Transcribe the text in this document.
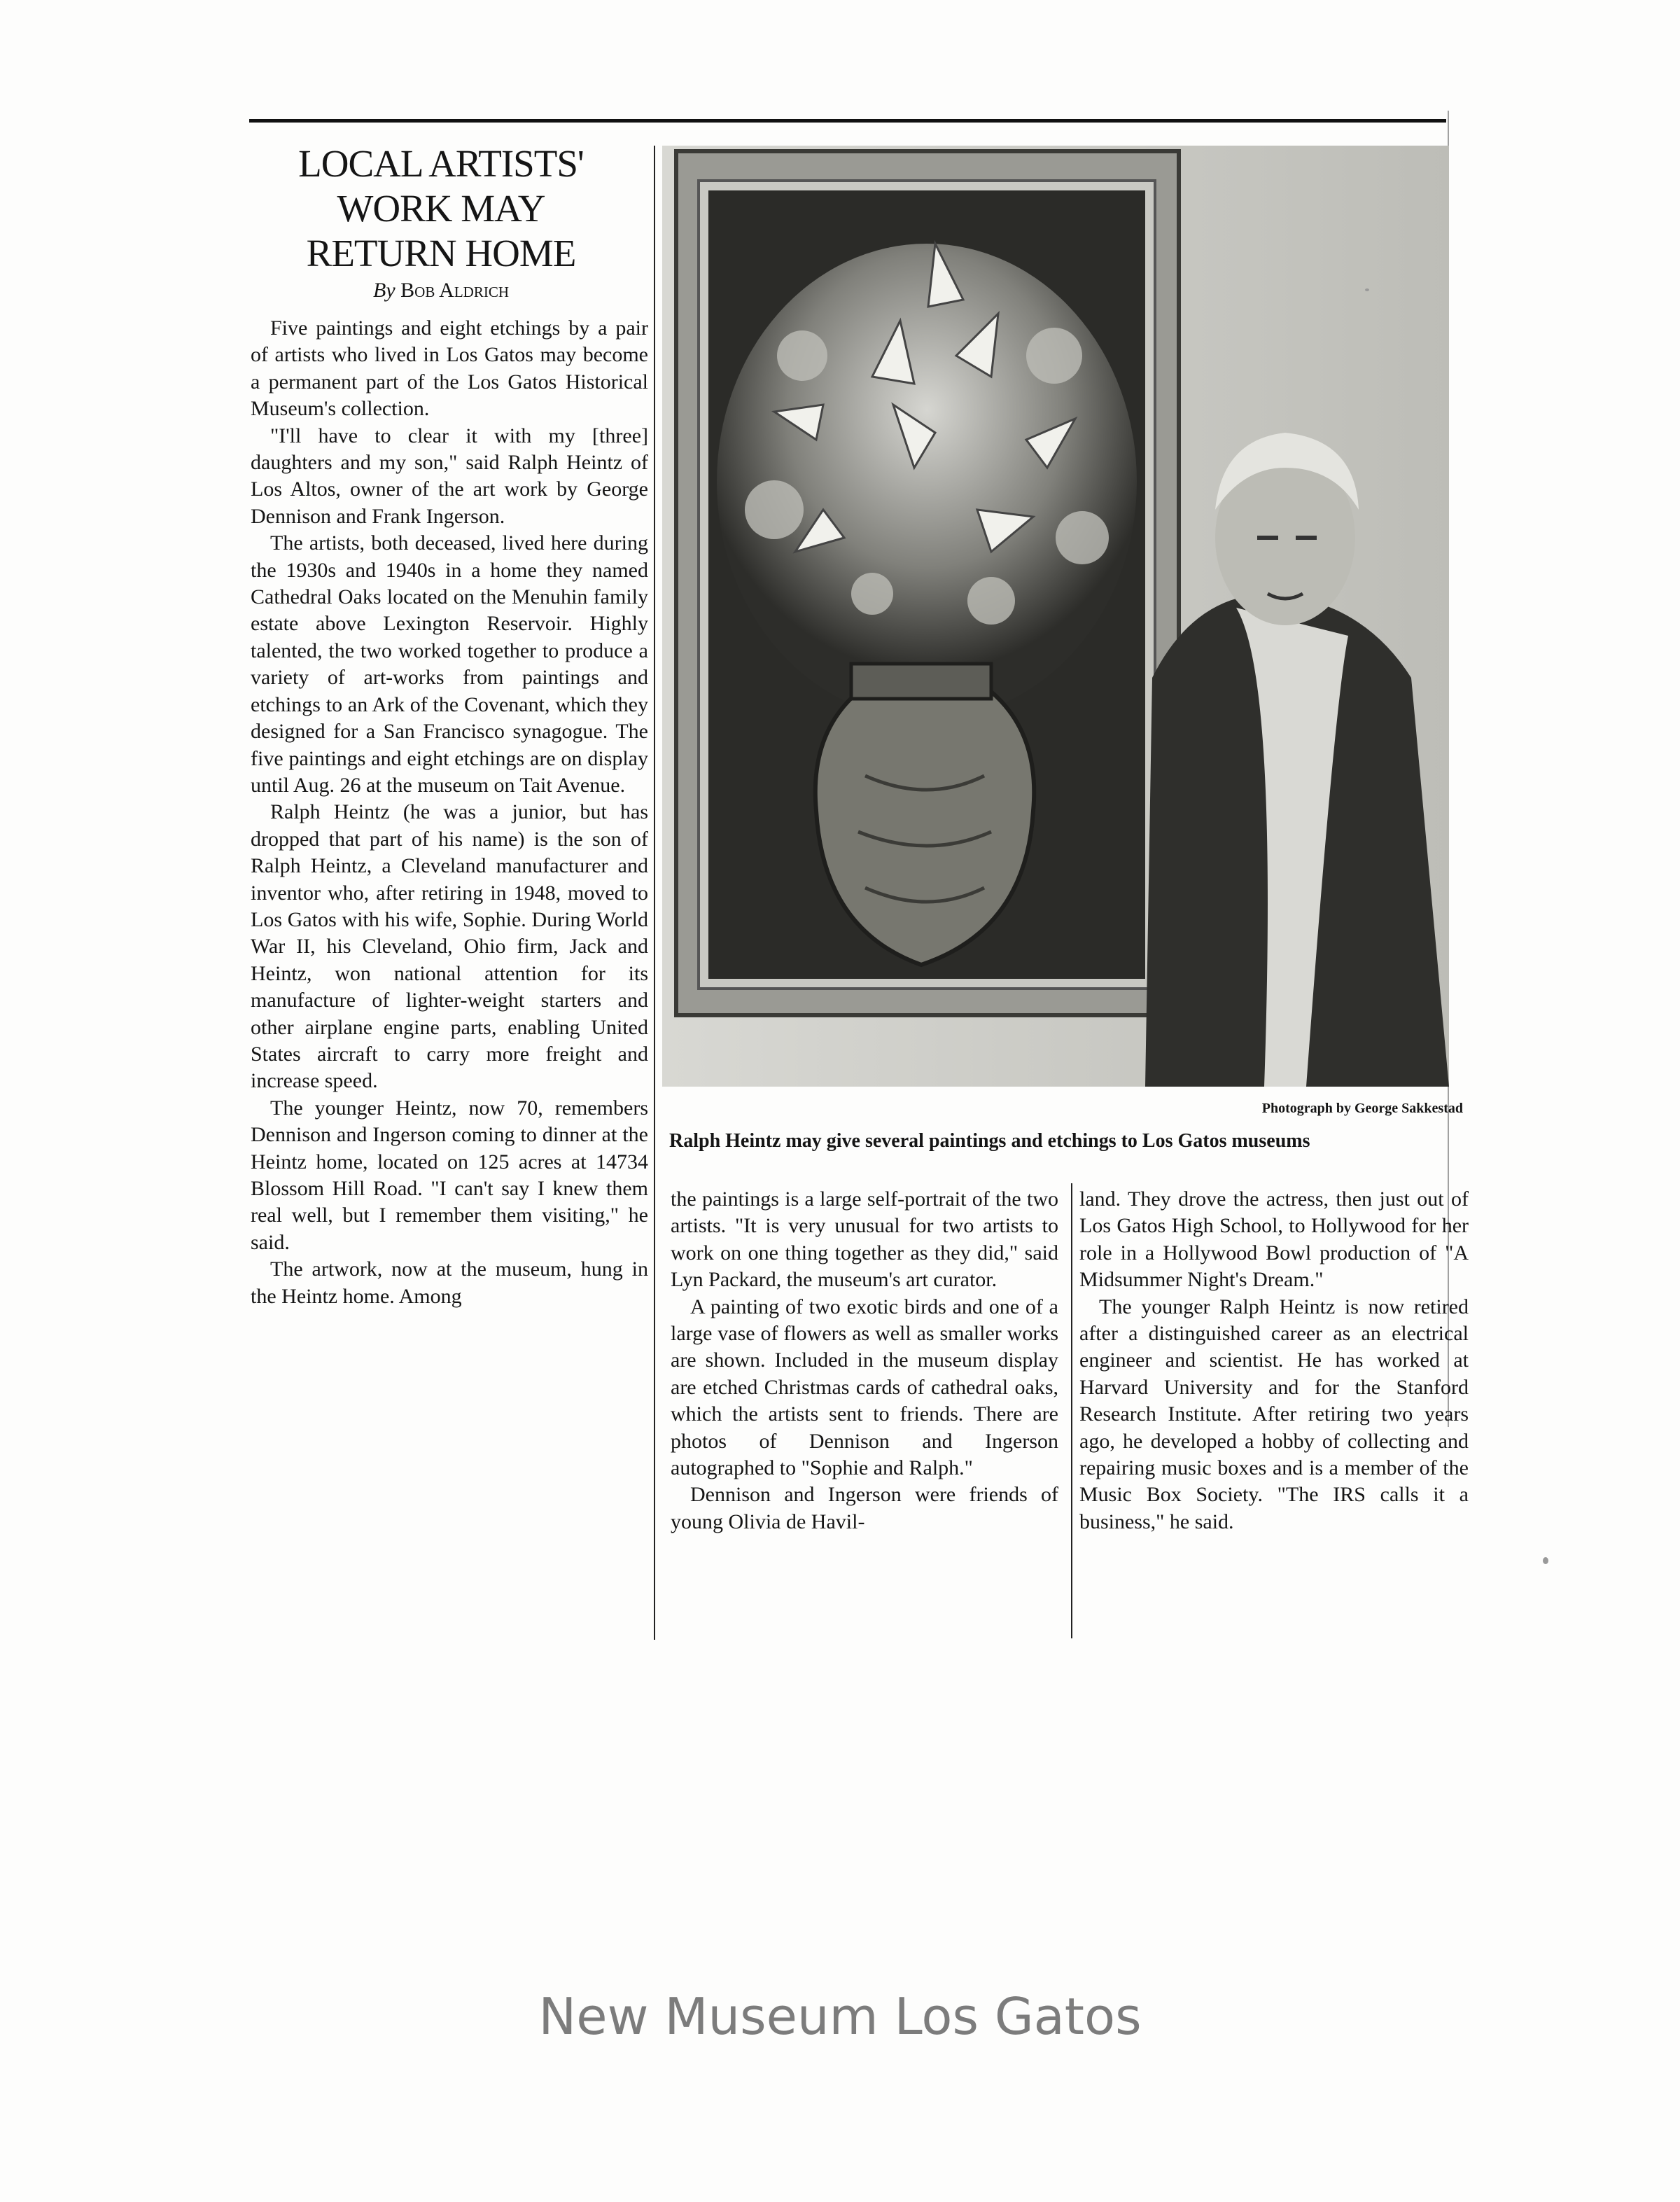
LOCAL ARTISTS'
WORK MAY
RETURN HOME
By Bob Aldrich

Five paintings and eight etchings by a pair of artists who lived in Los Gatos may become a permanent part of the Los Gatos Historical Museum's collection.

"I'll have to clear it with my [three] daughters and my son," said Ralph Heintz of Los Altos, owner of the art work by George Dennison and Frank Ingerson.

The artists, both deceased, lived here during the 1930s and 1940s in a home they named Cathedral Oaks located on the Menuhin family estate above Lexington Reservoir. Highly talented, the two worked together to produce a variety of art-works from paintings and etchings to an Ark of the Covenant, which they designed for a San Francisco synagogue. The five paintings and eight etchings are on display until Aug. 26 at the museum on Tait Avenue.

Ralph Heintz (he was a junior, but has dropped that part of his name) is the son of Ralph Heintz, a Cleveland manufacturer and inventor who, after retiring in 1948, moved to Los Gatos with his wife, Sophie. During World War II, his Cleveland, Ohio firm, Jack and Heintz, won national attention for its manufacture of lighter-weight starters and other airplane engine parts, enabling United States aircraft to carry more freight and increase speed.

The younger Heintz, now 70, remembers Dennison and Ingerson coming to dinner at the Heintz home, located on 125 acres at 14734 Blossom Hill Road. "I can't say I knew them real well, but I remember them visiting," he said.

The artwork, now at the museum, hung in the Heintz home. Among

Photograph by George Sakkestad
Ralph Heintz may give several paintings and etchings to Los Gatos museums

the paintings is a large self-portrait of the two artists. "It is very unusual for two artists to work on one thing together as they did," said Lyn Packard, the museum's art curator.

A painting of two exotic birds and one of a large vase of flowers as well as smaller works are shown. Included in the museum display are etched Christmas cards of cathedral oaks, which the artists sent to friends. There are photos of Dennison and Ingerson autographed to "Sophie and Ralph."

Dennison and Ingerson were friends of young Olivia de Havil-

land. They drove the actress, then just out of Los Gatos High School, to Hollywood for her role in a Hollywood Bowl production of "A Midsummer Night's Dream."

The younger Ralph Heintz is now retired after a distinguished career as an electrical engineer and scientist. He has worked at Harvard University and for the Stanford Research Institute. After retiring two years ago, he developed a hobby of collecting and repairing music boxes and is a member of the Music Box Society. "The IRS calls it a business," he said.

New Museum Los Gatos
